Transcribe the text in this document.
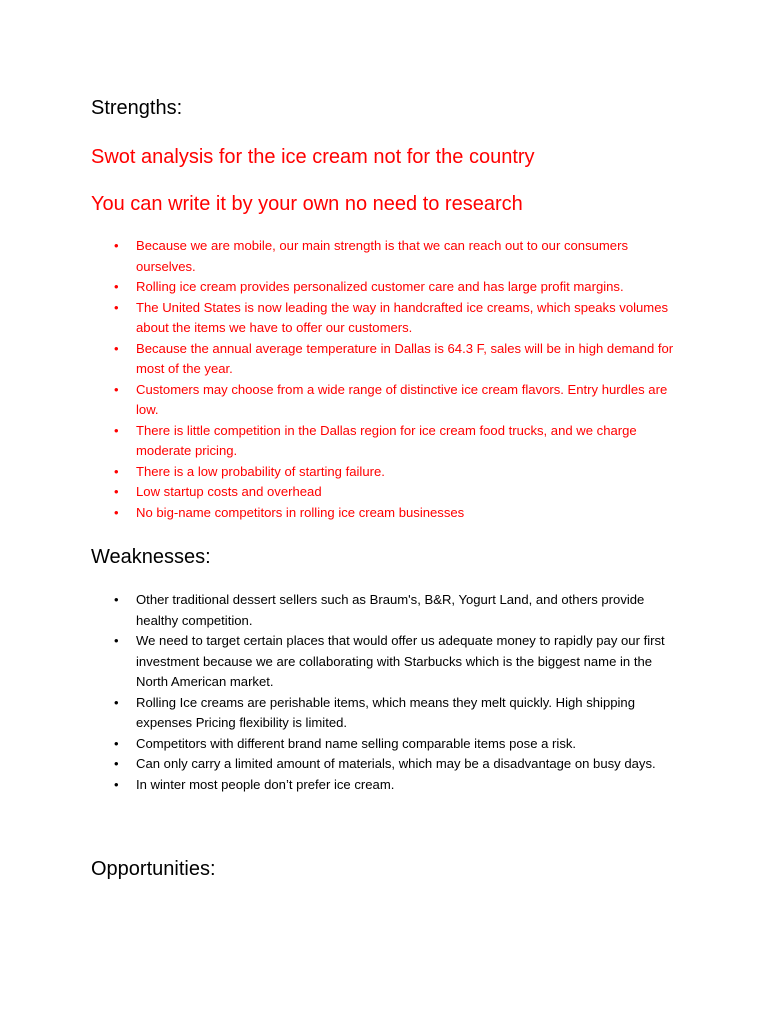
Strengths:

Swot analysis for the ice cream not for the country

You can write it by your own no need to research

•	Because we are mobile, our main strength is that we can reach out to our consumers ourselves.
•	Rolling ice cream provides personalized customer care and has large profit margins.
•	The United States is now leading the way in handcrafted ice creams, which speaks volumes about the items we have to offer our customers.
•	Because the annual average temperature in Dallas is 64.3 F, sales will be in high demand for most of the year.
•	Customers may choose from a wide range of distinctive ice cream flavors. Entry hurdles are low.
•	There is little competition in the Dallas region for ice cream food trucks, and we charge moderate pricing.
•	There is a low probability of starting failure.
•	Low startup costs and overhead
•	No big-name competitors in rolling ice cream businesses
Weaknesses:
•	Other traditional dessert sellers such as Braum's, B&R, Yogurt Land, and others provide healthy competition.
•	We need to target certain places that would offer us adequate money to rapidly pay our first investment because we are collaborating with Starbucks which is the biggest name in the North American market.
•	Rolling Ice creams are perishable items, which means they melt quickly. High shipping expenses Pricing flexibility is limited.
•	Competitors with different brand name selling comparable items pose a risk.
•	Can only carry a limited amount of materials, which may be a disadvantage on busy days.
•	In winter most people don’t prefer ice cream.
Opportunities:
